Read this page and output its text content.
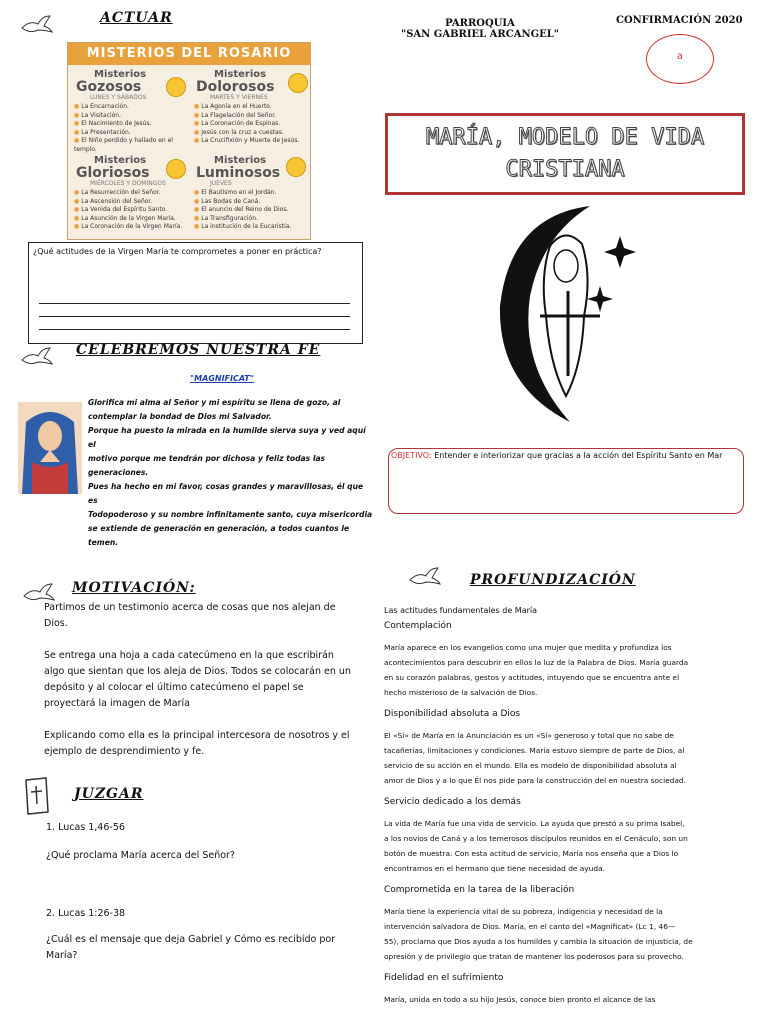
ACTUAR
MISTERIOS DEL ROSARIO
Misterios
Gozosos
LUNES Y SÁBADOS
● La Encarnación.
● La Visitación.
● El Nacimiento de Jesús.
● La Presentación.
● El Niño perdido y hallado en el templo.
Misterios
Dolorosos
MARTES Y VIERNES
● La Agonía en el Huerto.
● La Flagelación del Señor.
● La Coronación de Espinas.
● Jesús con la cruz a cuestas.
● La Crucifixión y Muerte de Jesús.
Misterios
Gloriosos
MIÉRCOLES Y DOMINGOS
● La Resurrección del Señor.
● La Ascensión del Señor.
● La Venida del Espíritu Santo.
● La Asunción de la Virgen María.
● La Coronación de la Virgen María.
Misterios
Luminosos
JUEVES
● El Bautismo en el Jordán.
● Las Bodas de Caná.
● El anuncio del Reino de Dios.
● La Transfiguración.
● La institución de la Eucaristía.
¿Qué actitudes de la Virgen María te comprometes a poner en práctica?
PARROQUIA
"SAN GABRIEL ARCANGEL"
CONFIRMACIÓN 2020
a
MARÍA, MODELO DE VIDA
CRISTIANA
OBJETIVO: Entender e interiorizar que gracias a la acción del Espíritu Santo en Mar
CELEBREMOS NUESTRA FE
"MAGNIFICAT"
Glorifica mi alma al Señor y mi espíritu se llena de gozo, al
contemplar la bondad de Dios mi Salvador.
Porque ha puesto la mirada en la humilde sierva suya y ved aquí el
motivo porque me tendrán por dichosa y feliz todas las
generaciones.
Pues ha hecho en mi favor, cosas grandes y maravillosas, él que es
Todopoderoso y su nombre infinitamente santo, cuya misericordia
se extiende de generación en generación, a todos cuantos le
temen.
MOTIVACIÓN:
Partimos de un testimonio acerca de cosas que nos alejan de
Dios.
Se entrega una hoja a cada catecúmeno en la que escribirán
algo que sientan que los aleja de Dios. Todos se colocarán en un
depósito y al colocar el último catecúmeno el papel se
proyectará la imagen de María
Explicando como ella es la principal intercesora de nosotros y el
ejemplo de desprendimiento y fe.
JUZGAR
1. Lucas 1,46-56
¿Qué proclama María acerca del Señor?
2. Lucas 1:26-38
¿Cuál es el mensaje que deja Gabriel y Cómo es recibido por
María?
PROFUNDIZACIÓN
Las actitudes fundamentales de María
Contemplación
María aparece en los evangelios como una mujer que medita y profundiza los
acontecimientos para descubrir en ellos la luz de la Palabra de Dios. María guarda
en su corazón palabras, gestos y actitudes, intuyendo que se encuentra ante el
hecho misterioso de la salvación de Dios.
Disponibilidad absoluta a Dios
El «Sí» de María en la Anunciación es un «Sí» generoso y total que no sabe de
tacañerías, limitaciones y condiciones. María estuvo siempre de parte de Dios, al
servicio de su acción en el mundo. Ella es modelo de disponibilidad absoluta al
amor de Dios y a lo que Él nos pide para la construcción del en nuestra sociedad.
Servicio dedicado a los demás
La vida de María fue una vida de servicio. La ayuda que prestó a su prima Isabel,
a los novios de Caná y a los temerosos discípulos reunidos en el Cenáculo, son un
botón de muestra. Con esta actitud de servicio, María nos enseña que a Dios lo
encontramos en el hermano que tiene necesidad de ayuda.
Comprometida en la tarea de la liberación
María tiene la experiencia vital de su pobreza, indigencia y necesidad de la
intervención salvadora de Dios. María, en el canto del «Magnificat» (Lc 1, 46—
55), proclama que Dios ayuda a los humildes y cambia la situación de injusticia, de
opresión y de privilegio que tratan de mantener los poderosos para su provecho.
Fidelidad en el sufrimiento
María, unida en todo a su hijo Jesús, conoce bien pronto el alcance de las
